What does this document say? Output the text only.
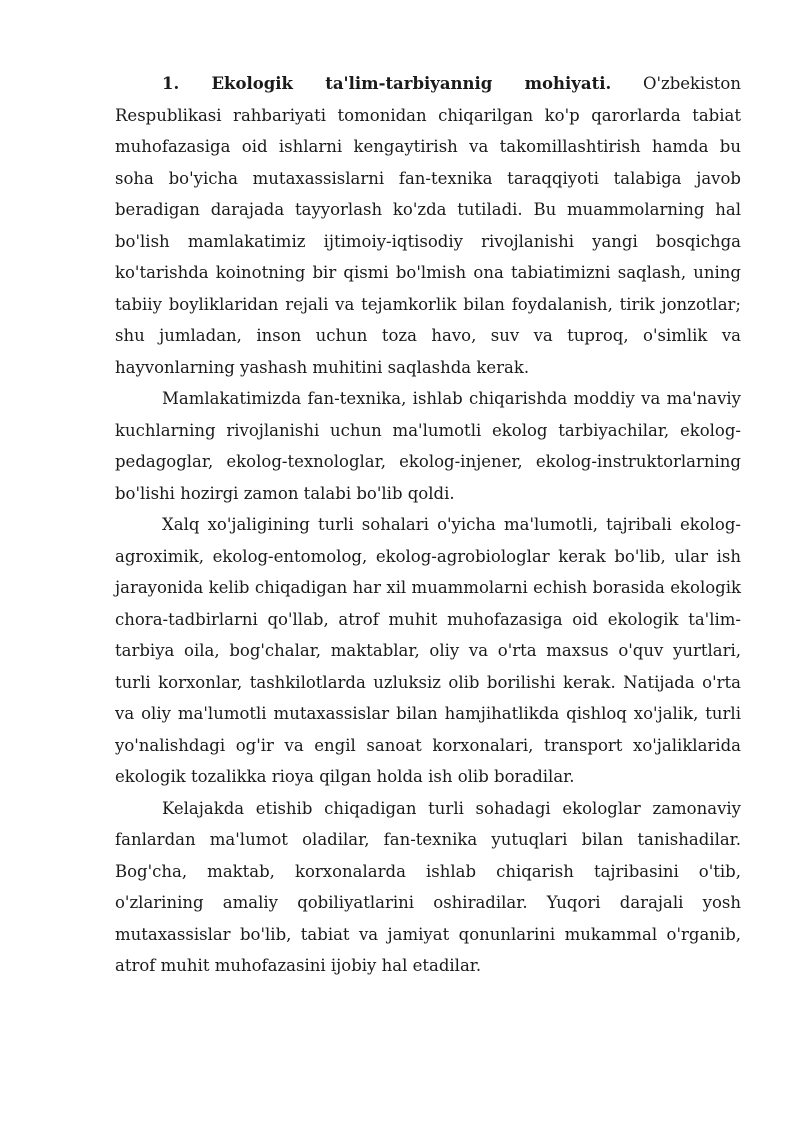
1. Ekologik ta'lim-tarbiyannig mohiyati. O'zbekiston Respublikasi rahbariyati tomonidan chiqarilgan ko'p qarorlarda tabiat muhofazasiga oid ishlarni kengaytirish va takomillashtirish hamda bu soha bo'yicha mutaxassislarni fan-texnika taraqqiyoti talabiga javob beradigan darajada tayyorlash ko'zda tutiladi. Bu muammolarning hal bo'lish mamlakatimiz ijtimoiy-iqtisodiy rivojlanishi yangi bosqichga ko'tarishda koinotning bir qismi bo'lmish ona tabiatimizni saqlash, uning tabiiy boyliklaridan rejali va tejamkorlik bilan foydalanish, tirik jonzotlar; shu jumladan, inson uchun toza havo, suv va tuproq, o'simlik va hayvonlarning yashash muhitini saqlashda kerak.

Mamlakatimizda fan-texnika, ishlab chiqarishda moddiy va ma'naviy kuchlarning rivojlanishi uchun ma'lumotli ekolog tarbiyachilar, ekolog-pedagoglar, ekolog-texnologlar, ekolog-injener, ekolog-instruktorlarning bo'lishi hozirgi zamon talabi bo'lib qoldi.

Xalq xo'jaligining turli sohalari o'yicha ma'lumotli, tajribali ekolog-agroximik, ekolog-entomolog, ekolog-agrobiologlar kerak bo'lib, ular ish jarayonida kelib chiqadigan har xil muammolarni echish borasida ekologik chora-tadbirlarni qo'llab, atrof muhit muhofazasiga oid ekologik ta'lim-tarbiya oila, bog'chalar, maktablar, oliy va o'rta maxsus o'quv yurtlari, turli korxonlar, tashkilotlarda uzluksiz olib borilishi kerak. Natijada o'rta va oliy ma'lumotli mutaxassislar bilan hamjihatlikda qishloq xo'jalik, turli yo'nalishdagi og'ir va engil sanoat korxonalari, transport xo'jaliklarida ekologik tozalikka rioya qilgan holda ish olib boradilar.

Kelajakda etishib chiqadigan turli sohadagi ekologlar zamonaviy fanlardan ma'lumot oladilar, fan-texnika yutuqlari bilan tanishadilar. Bog'cha, maktab, korxonalarda ishlab chiqarish tajribasini o'tib, o'zlarining amaliy qobiliyatlarini oshiradilar. Yuqori darajali yosh mutaxassislar bo'lib, tabiat va jamiyat qonunlarini mukammal o'rganib, atrof muhit muhofazasini ijobiy hal etadilar.
